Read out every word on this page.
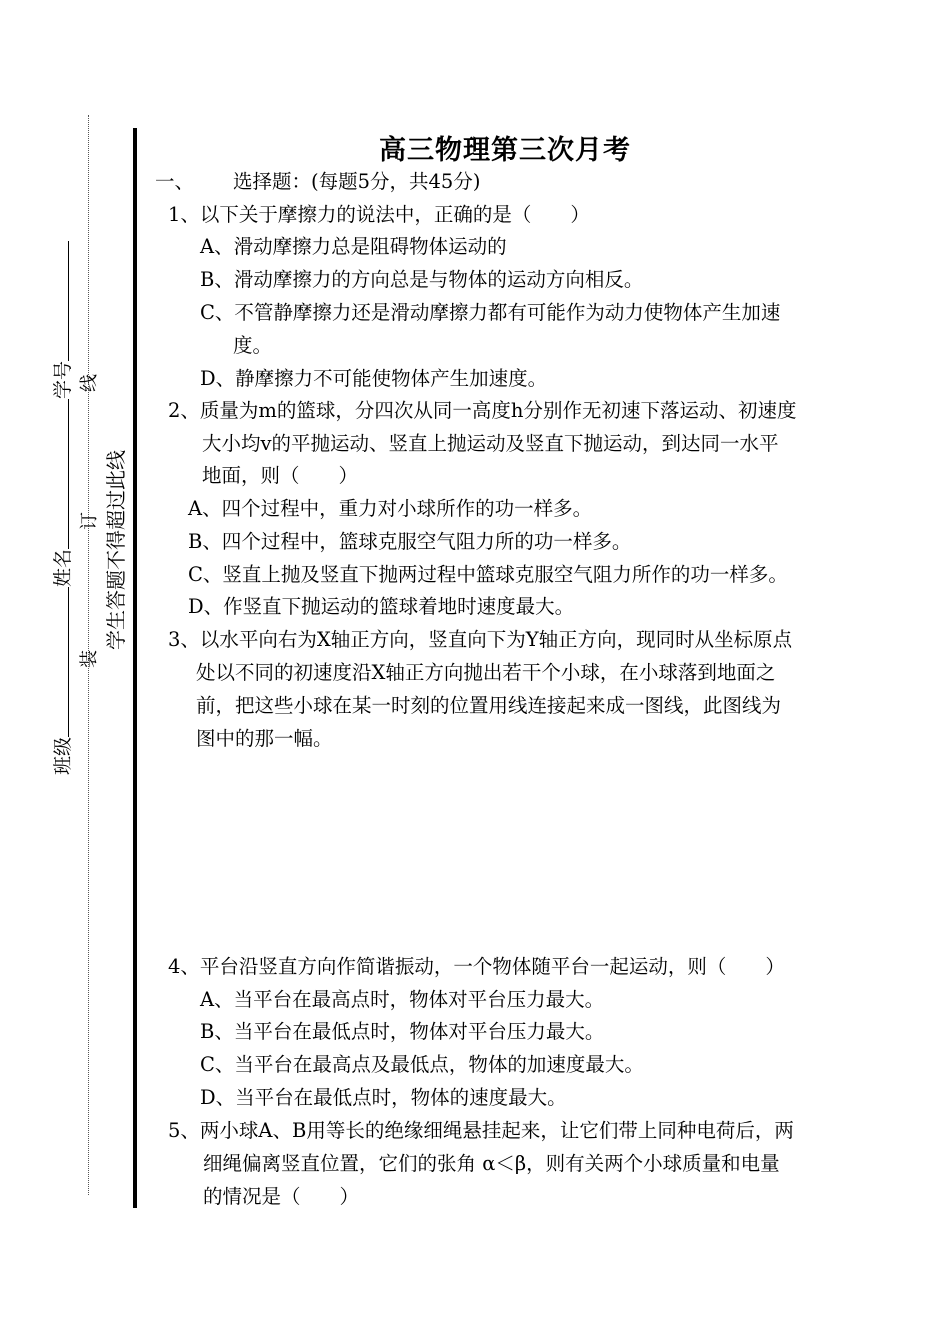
班级姓名学号
装订线
学生答题不得超过此线
高三物理第三次月考
一、 选择题：(每题5分，共45分)
1、以下关于摩擦力的说法中，正确的是（　　）
A、滑动摩擦力总是阻碍物体运动的
B、滑动摩擦力的方向总是与物体的运动方向相反。
C、不管静摩擦力还是滑动摩擦力都有可能作为动力使物体产生加速
度。
D、静摩擦力不可能使物体产生加速度。
2、质量为m的篮球，分四次从同一高度h分别作无初速下落运动、初速度
大小均v的平抛运动、竖直上抛运动及竖直下抛运动，到达同一水平
地面，则（　　）
A、四个过程中，重力对小球所作的功一样多。
B、四个过程中，篮球克服空气阻力所的功一样多。
C、竖直上抛及竖直下抛两过程中篮球克服空气阻力所作的功一样多。
D、作竖直下抛运动的篮球着地时速度最大。
3、以水平向右为X轴正方向，竖直向下为Y轴正方向，现同时从坐标原点
处以不同的初速度沿X轴正方向抛出若干个小球，在小球落到地面之
前，把这些小球在某一时刻的位置用线连接起来成一图线，此图线为
图中的那一幅。
4、平台沿竖直方向作简谐振动，一个物体随平台一起运动，则（　　）
A、当平台在最高点时，物体对平台压力最大。
B、当平台在最低点时，物体对平台压力最大。
C、当平台在最高点及最低点，物体的加速度最大。
D、当平台在最低点时，物体的速度最大。
5、两小球A、B用等长的绝缘细绳悬挂起来，让它们带上同种电荷后，两
细绳偏离竖直位置，它们的张角 α＜β，则有关两个小球质量和电量
的情况是（　　）
